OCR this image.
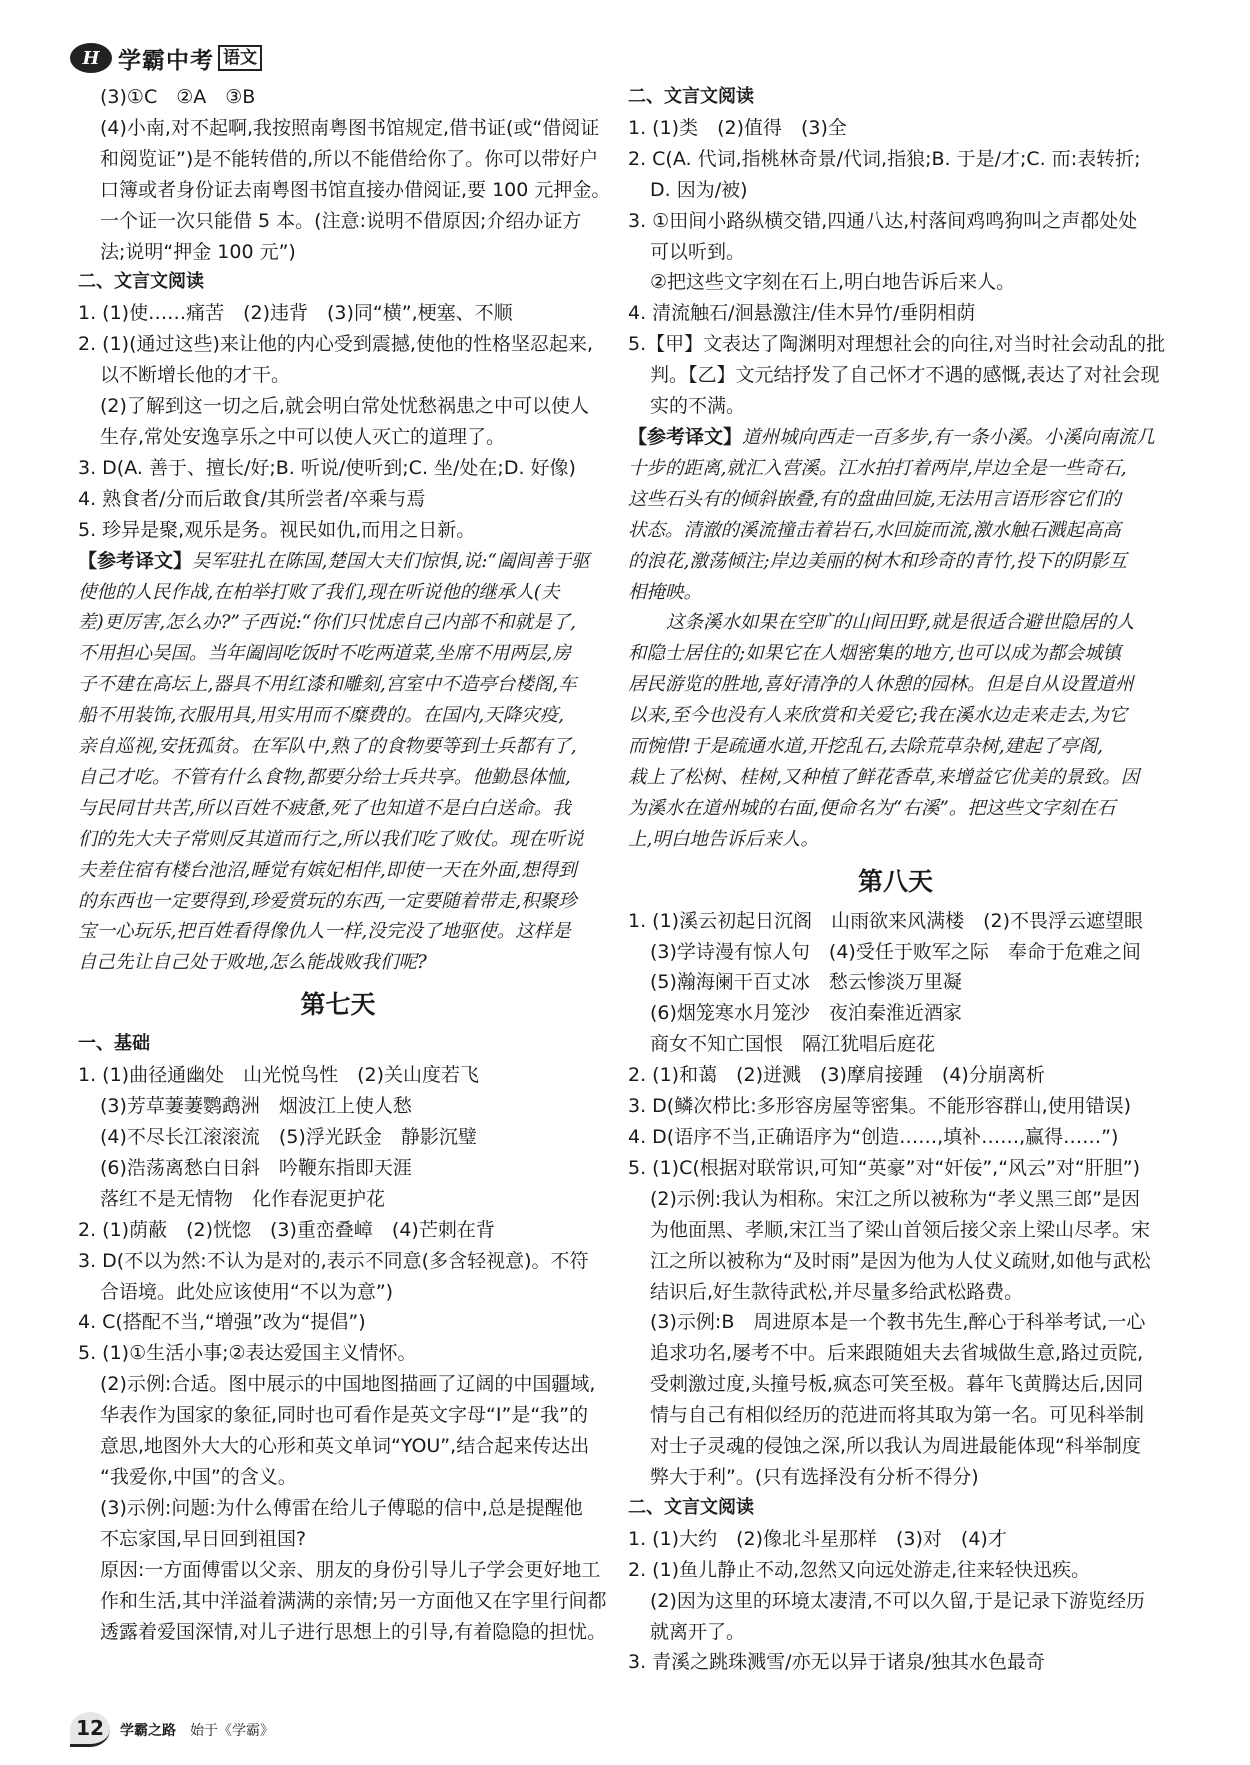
H 学霸中考 语文
(3)①C　②A　③B
(4)小南,对不起啊,我按照南粤图书馆规定,借书证(或“借阅证
和阅览证”)是不能转借的,所以不能借给你了。你可以带好户
口簿或者身份证去南粤图书馆直接办借阅证,要 100 元押金。
一个证一次只能借 5 本。(注意:说明不借原因;介绍办证方
法;说明“押金 100 元”)
二、文言文阅读
1. (1)使……痛苦　(2)违背　(3)同“横”,梗塞、不顺
2. (1)(通过这些)来让他的内心受到震撼,使他的性格坚忍起来,
以不断增长他的才干。
(2)了解到这一切之后,就会明白常处忧愁祸患之中可以使人
生存,常处安逸享乐之中可以使人灭亡的道理了。
3. D(A. 善于、擅长/好;B. 听说/使听到;C. 坐/处在;D. 好像)
4. 熟食者/分而后敢食/其所尝者/卒乘与焉
5. 珍异是聚,观乐是务。视民如仇,而用之日新。
【参考译文】吴军驻扎在陈国,楚国大夫们惊惧,说:“阖闾善于驱
使他的人民作战,在柏举打败了我们,现在听说他的继承人(夫
差)更厉害,怎么办?”子西说:“你们只忧虑自己内部不和就是了,
不用担心吴国。当年阖闾吃饭时不吃两道菜,坐席不用两层,房
子不建在高坛上,器具不用红漆和雕刻,宫室中不造亭台楼阁,车
船不用装饰,衣服用具,用实用而不糜费的。在国内,天降灾疫,
亲自巡视,安抚孤贫。在军队中,熟了的食物要等到士兵都有了,
自己才吃。不管有什么食物,都要分给士兵共享。他勤恳体恤,
与民同甘共苦,所以百姓不疲惫,死了也知道不是白白送命。我
们的先大夫子常则反其道而行之,所以我们吃了败仗。现在听说
夫差住宿有楼台池沼,睡觉有嫔妃相伴,即使一天在外面,想得到
的东西也一定要得到,珍爱赏玩的东西,一定要随着带走,积聚珍
宝一心玩乐,把百姓看得像仇人一样,没完没了地驱使。这样是
自己先让自己处于败地,怎么能战败我们呢?
第七天
一、基础
1. (1)曲径通幽处　山光悦鸟性　(2)关山度若飞
(3)芳草萋萋鹦鹉洲　烟波江上使人愁
(4)不尽长江滚滚流　(5)浮光跃金　静影沉璧
(6)浩荡离愁白日斜　吟鞭东指即天涯
落红不是无情物　化作春泥更护花
2. (1)荫蔽　(2)恍惚　(3)重峦叠嶂　(4)芒刺在背
3. D(不以为然:不认为是对的,表示不同意(多含轻视意)。不符
合语境。此处应该使用“不以为意”)
4. C(搭配不当,“增强”改为“提倡”)
5. (1)①生活小事;②表达爱国主义情怀。
(2)示例:合适。图中展示的中国地图描画了辽阔的中国疆域,
华表作为国家的象征,同时也可看作是英文字母“I”是“我”的
意思,地图外大大的心形和英文单词“YOU”,结合起来传达出
“我爱你,中国”的含义。
(3)示例:问题:为什么傅雷在给儿子傅聪的信中,总是提醒他
不忘家国,早日回到祖国?
原因:一方面傅雷以父亲、朋友的身份引导儿子学会更好地工
作和生活,其中洋溢着满满的亲情;另一方面他又在字里行间都
透露着爱国深情,对儿子进行思想上的引导,有着隐隐的担忧。
二、文言文阅读
1. (1)类　(2)值得　(3)全
2. C(A. 代词,指桃林奇景/代词,指狼;B. 于是/才;C. 而:表转折;
D. 因为/被)
3. ①田间小路纵横交错,四通八达,村落间鸡鸣狗叫之声都处处
可以听到。
②把这些文字刻在石上,明白地告诉后来人。
4. 清流触石/洄悬激注/佳木异竹/垂阴相荫
5.【甲】文表达了陶渊明对理想社会的向往,对当时社会动乱的批
判。【乙】文元结抒发了自己怀才不遇的感慨,表达了对社会现
实的不满。
【参考译文】道州城向西走一百多步,有一条小溪。小溪向南流几
十步的距离,就汇入营溪。江水拍打着两岸,岸边全是一些奇石,
这些石头有的倾斜嵌叠,有的盘曲回旋,无法用言语形容它们的
状态。清澈的溪流撞击着岩石,水回旋而流,激水触石溅起高高
的浪花,激荡倾注;岸边美丽的树木和珍奇的青竹,投下的阴影互
相掩映。
这条溪水如果在空旷的山间田野,就是很适合避世隐居的人
和隐士居住的;如果它在人烟密集的地方,也可以成为都会城镇
居民游览的胜地,喜好清净的人休憩的园林。但是自从设置道州
以来,至今也没有人来欣赏和关爱它;我在溪水边走来走去,为它
而惋惜!于是疏通水道,开挖乱石,去除荒草杂树,建起了亭阁,
栽上了松树、桂树,又种植了鲜花香草,来增益它优美的景致。因
为溪水在道州城的右面,便命名为“右溪”。把这些文字刻在石
上,明白地告诉后来人。
第八天
1. (1)溪云初起日沉阁　山雨欲来风满楼　(2)不畏浮云遮望眼
(3)学诗漫有惊人句　(4)受任于败军之际　奉命于危难之间
(5)瀚海阑干百丈冰　愁云惨淡万里凝
(6)烟笼寒水月笼沙　夜泊秦淮近酒家
商女不知亡国恨　隔江犹唱后庭花
2. (1)和蔼　(2)迸溅　(3)摩肩接踵　(4)分崩离析
3. D(鳞次栉比:多形容房屋等密集。不能形容群山,使用错误)
4. D(语序不当,正确语序为“创造……,填补……,赢得……”)
5. (1)C(根据对联常识,可知“英豪”对“奸佞”,“风云”对“肝胆”)
(2)示例:我认为相称。宋江之所以被称为“孝义黑三郎”是因
为他面黑、孝顺,宋江当了梁山首领后接父亲上梁山尽孝。宋
江之所以被称为“及时雨”是因为他为人仗义疏财,如他与武松
结识后,好生款待武松,并尽量多给武松路费。
(3)示例:B　周进原本是一个教书先生,醉心于科举考试,一心
追求功名,屡考不中。后来跟随姐夫去省城做生意,路过贡院,
受刺激过度,头撞号板,疯态可笑至极。暮年飞黄腾达后,因同
情与自己有相似经历的范进而将其取为第一名。可见科举制
对士子灵魂的侵蚀之深,所以我认为周进最能体现“科举制度
弊大于利”。(只有选择没有分析不得分)
二、文言文阅读
1. (1)大约　(2)像北斗星那样　(3)对　(4)才
2. (1)鱼儿静止不动,忽然又向远处游走,往来轻快迅疾。
(2)因为这里的环境太凄清,不可以久留,于是记录下游览经历
就离开了。
3. 青溪之跳珠溅雪/亦无以异于诸泉/独其水色最奇
12	学霸之路 始于《学霸》
